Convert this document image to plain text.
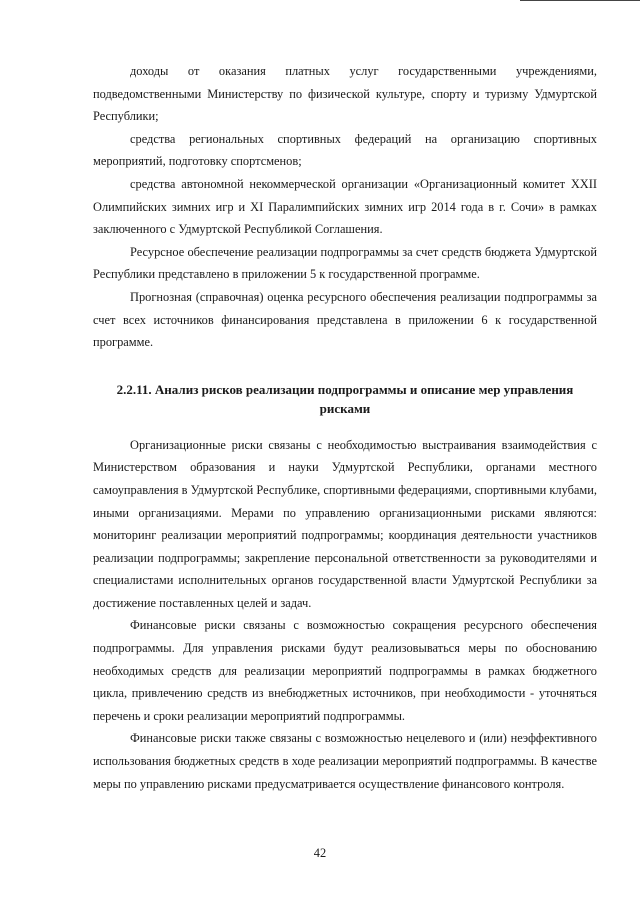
доходы от оказания платных услуг государственными учреждениями, подведомственными Министерству по физической культуре, спорту и туризму Удмуртской Республики;

средства региональных спортивных федераций на организацию спортивных мероприятий, подготовку спортсменов;

средства автономной некоммерческой организации «Организационный комитет XXII Олимпийских зимних игр и XI Паралимпийских зимних игр 2014 года в г. Сочи» в рамках заключенного с Удмуртской Республикой Соглашения.

Ресурсное обеспечение реализации подпрограммы за счет средств бюджета Удмуртской Республики представлено в приложении 5 к государственной программе.

Прогнозная (справочная) оценка ресурсного обеспечения реализации подпрограммы за счет всех источников финансирования представлена в приложении 6 к государственной программе.

2.2.11. Анализ рисков реализации подпрограммы и описание мер управления рисками

Организационные риски связаны с необходимостью выстраивания взаимодействия с Министерством образования и науки Удмуртской Республики, органами местного самоуправления в Удмуртской Республике, спортивными федерациями, спортивными клубами, иными организациями. Мерами по управлению организационными рисками являются: мониторинг реализации мероприятий подпрограммы; координация деятельности участников реализации подпрограммы; закрепление персональной ответственности за руководителями и специалистами исполнительных органов государственной власти Удмуртской Республики за достижение поставленных целей и задач.

Финансовые риски связаны с возможностью сокращения ресурсного обеспечения подпрограммы. Для управления рисками будут реализовываться меры по обоснованию необходимых средств для реализации мероприятий подпрограммы в рамках бюджетного цикла, привлечению средств из внебюджетных источников, при необходимости - уточняться перечень и сроки реализации мероприятий подпрограммы.

Финансовые риски также связаны с возможностью нецелевого и (или) неэффективного использования бюджетных средств в ходе реализации мероприятий подпрограммы. В качестве меры по управлению рисками предусматривается осуществление финансового контроля.

42
